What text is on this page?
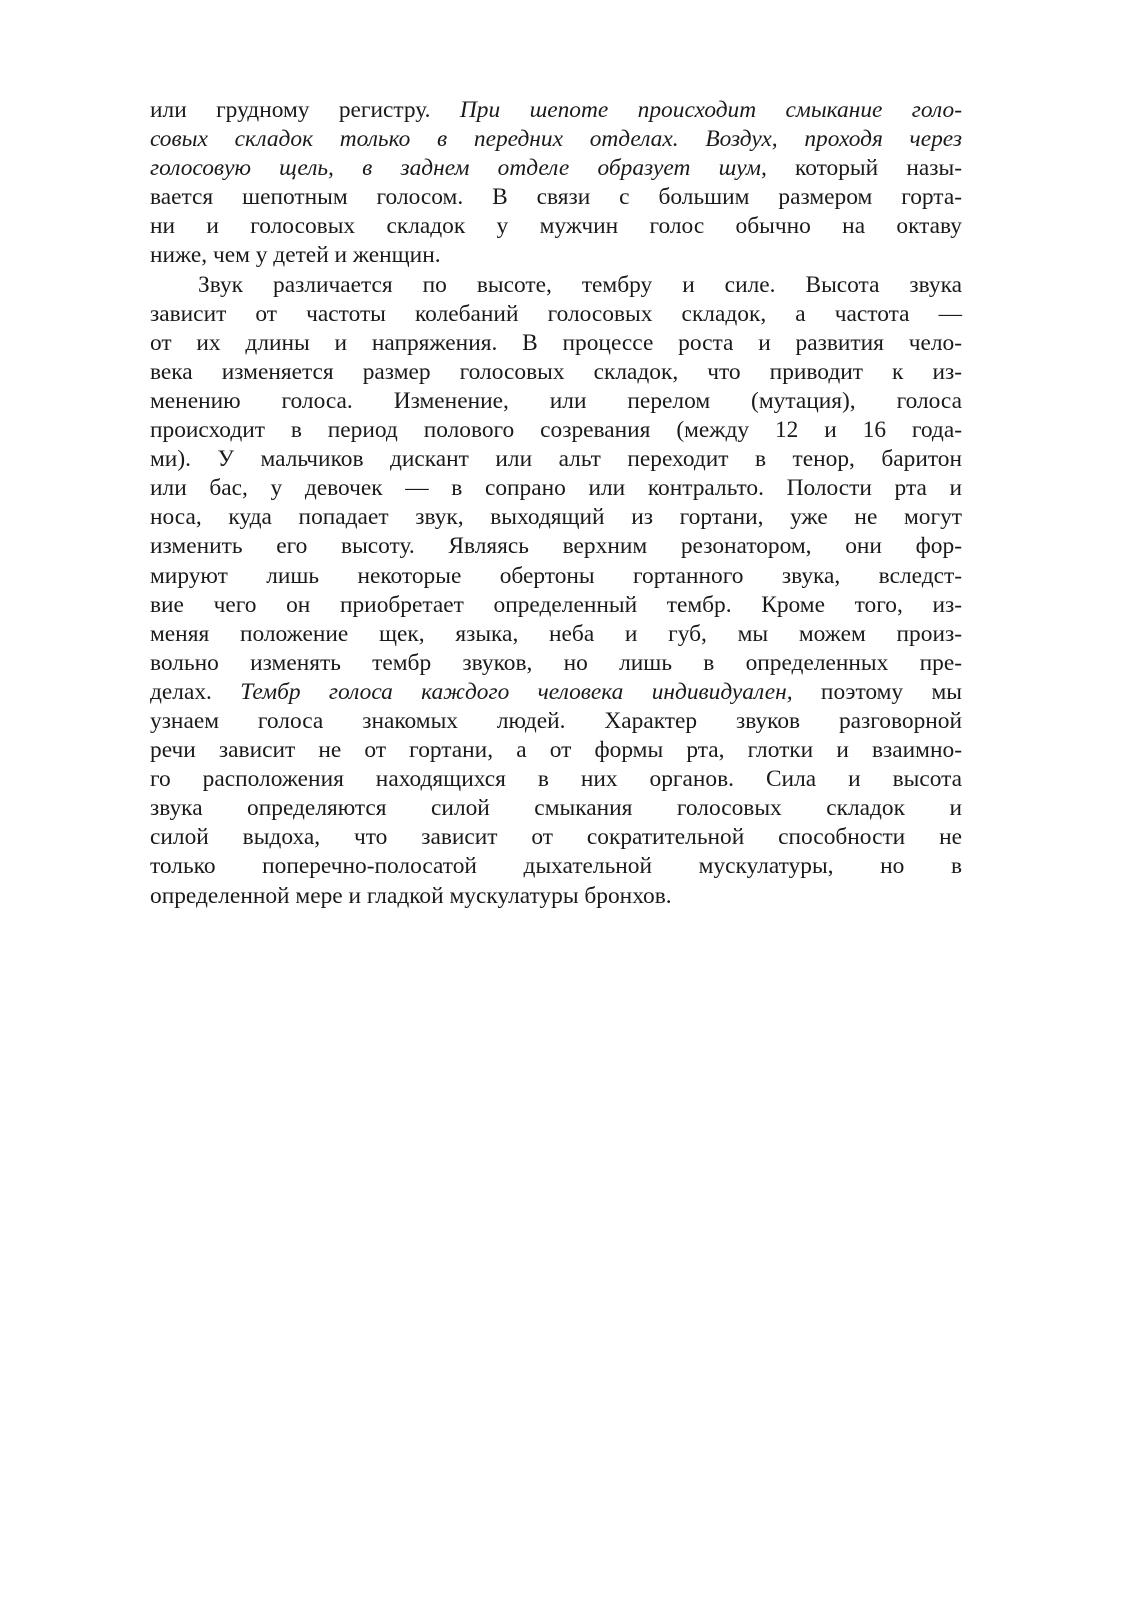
или грудному регистру. При шепоте происходит смыкание голо-
совых складок только в передних отделах. Воздух, проходя через
голосовую щель, в заднем отделе образует шум, который назы-
вается шепотным голосом. В связи с большим размером горта-
ни и голосовых складок у мужчин голос обычно на октаву
ниже, чем у детей и женщин.
Звук различается по высоте, тембру и силе. Высота звука
зависит от частоты колебаний голосовых складок, а частота —
от их длины и напряжения. В процессе роста и развития чело-
века изменяется размер голосовых складок, что приводит к из-
менению голоса. Изменение, или перелом (мутация), голоса
происходит в период полового созревания (между 12 и 16 года-
ми). У мальчиков дискант или альт переходит в тенор, баритон
или бас, у девочек — в сопрано или контральто. Полости рта и
носа, куда попадает звук, выходящий из гортани, уже не могут
изменить его высоту. Являясь верхним резонатором, они фор-
мируют лишь некоторые обертоны гортанного звука, вследст-
вие чего он приобретает определенный тембр. Кроме того, из-
меняя положение щек, языка, неба и губ, мы можем произ-
вольно изменять тембр звуков, но лишь в определенных пре-
делах. Тембр голоса каждого человека индивидуален, поэтому мы
узнаем голоса знакомых людей. Характер звуков разговорной
речи зависит не от гортани, а от формы рта, глотки и взаимно-
го расположения находящихся в них органов. Сила и высота
звука определяются силой смыкания голосовых складок и
силой выдоха, что зависит от сократительной способности не
только поперечно-полосатой дыхательной мускулатуры, но в
определенной мере и гладкой мускулатуры бронхов.
